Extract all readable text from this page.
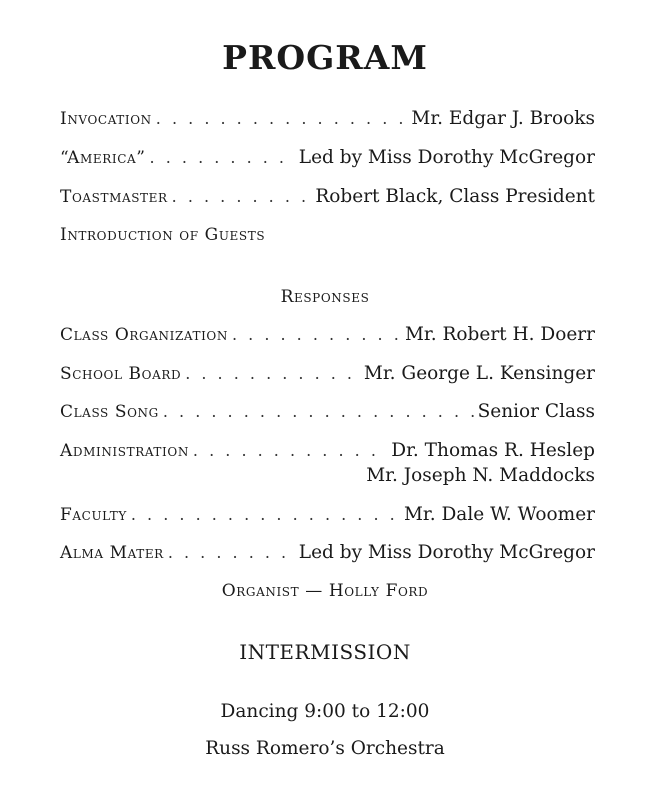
PROGRAM
Invocation . . .	Mr. Edgar J. Brooks
“America” . . .	Led by Miss Dorothy McGregor
Toastmaster . . .	Robert Black, Class President
Introduction of Guests
Responses
Class Organization . . .	Mr. Robert H. Doerr
School Board . . .	Mr. George L. Kensinger
Class Song . . .	Senior Class
Administration . . .	Dr. Thomas R. Heslep
Mr. Joseph N. Maddocks
Faculty . . .	Mr. Dale W. Woomer
Alma Mater . . .	Led by Miss Dorothy McGregor
Organist — Holly Ford
INTERMISSION
Dancing 9:00 to 12:00
Russ Romero’s Orchestra
